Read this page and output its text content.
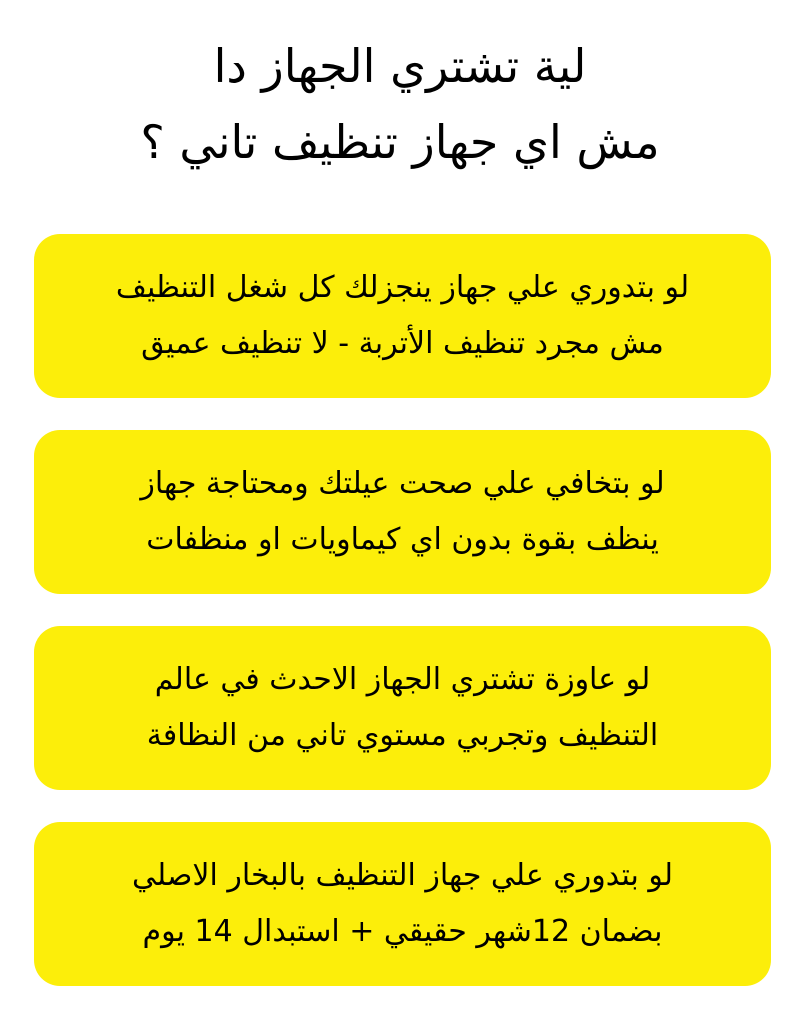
لية تشتري الجهاز دا
مش اي جهاز تنظيف تاني ؟
لو بتدوري علي جهاز ينجزلك كل شغل التنظيف
مش مجرد تنظيف الأتربة - لا تنظيف عميق
لو بتخافي علي صحت عيلتك ومحتاجة جهاز
ينظف بقوة بدون اي كيماويات او منظفات
لو عاوزة تشتري الجهاز الاحدث في عالم
التنظيف وتجربي مستوي تاني من النظافة
لو بتدوري علي جهاز التنظيف بالبخار الاصلي
بضمان 12شهر حقيقي + استبدال 14 يوم
